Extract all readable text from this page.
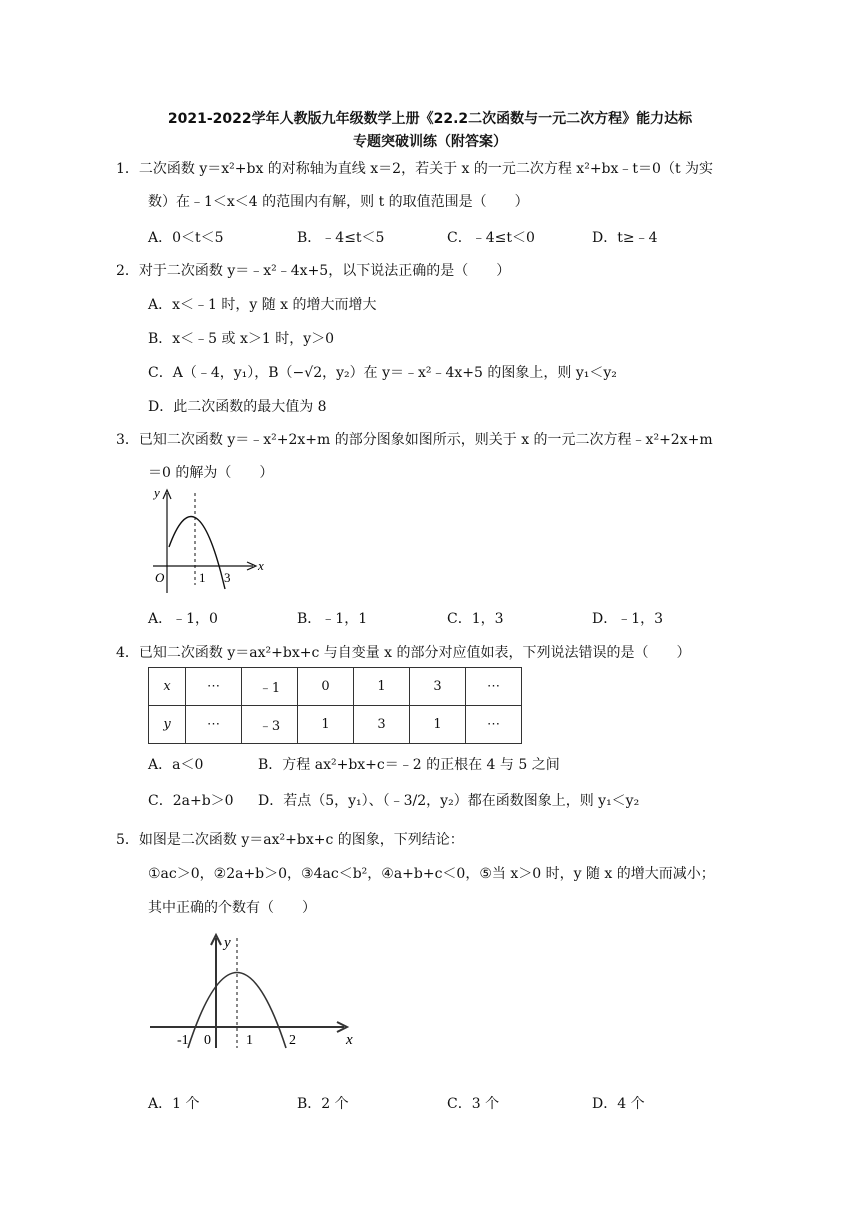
2021-2022学年人教版九年级数学上册《22.2二次函数与一元二次方程》能力达标
专题突破训练（附答案）
1．二次函数 y＝x²+bx 的对称轴为直线 x＝2，若关于 x 的一元二次方程 x²+bx﹣t＝0（t 为实
数）在﹣1＜x＜4 的范围内有解，则 t 的取值范围是（　　）
A．0＜t＜5	B．﹣4≤t＜5	C．﹣4≤t＜0	D．t≥﹣4
2．对于二次函数 y＝﹣x²﹣4x+5，以下说法正确的是（　　）
A．x＜﹣1 时，y 随 x 的增大而增大
B．x＜﹣5 或 x＞1 时，y＞0
C．A（﹣4，y₁），B（−√2，y₂）在 y＝﹣x²﹣4x+5 的图象上，则 y₁＜y₂
D．此二次函数的最大值为 8
3．已知二次函数 y＝﹣x²+2x+m 的部分图象如图所示，则关于 x 的一元二次方程﹣x²+2x+m
＝0 的解为（　　）
y
x
O	1 3
A．﹣1，0	B．﹣1，1	C．1，3	D．﹣1，3
4．已知二次函数 y＝ax²+bx+c 与自变量 x 的部分对应值如表，下列说法错误的是（　　）
x	⋯	﹣1	0	1	3	⋯
y	⋯	﹣3	1	3	1	⋯
A．a＜0	B．方程 ax²+bx+c＝﹣2 的正根在 4 与 5 之间
C．2a+b＞0 D．若点（5，y₁）、（﹣3/2，y₂）都在函数图象上，则 y₁＜y₂
5．如图是二次函数 y＝ax²+bx+c 的图象，下列结论：
①ac＞0，②2a+b＞0，③4ac＜b²，④a+b+c＜0，⑤当 x＞0 时，y 随 x 的增大而减小；
其中正确的个数有（　　）
y
x
-1 0	1	2
A．1 个	B．2 个	C．3 个	D．4 个
